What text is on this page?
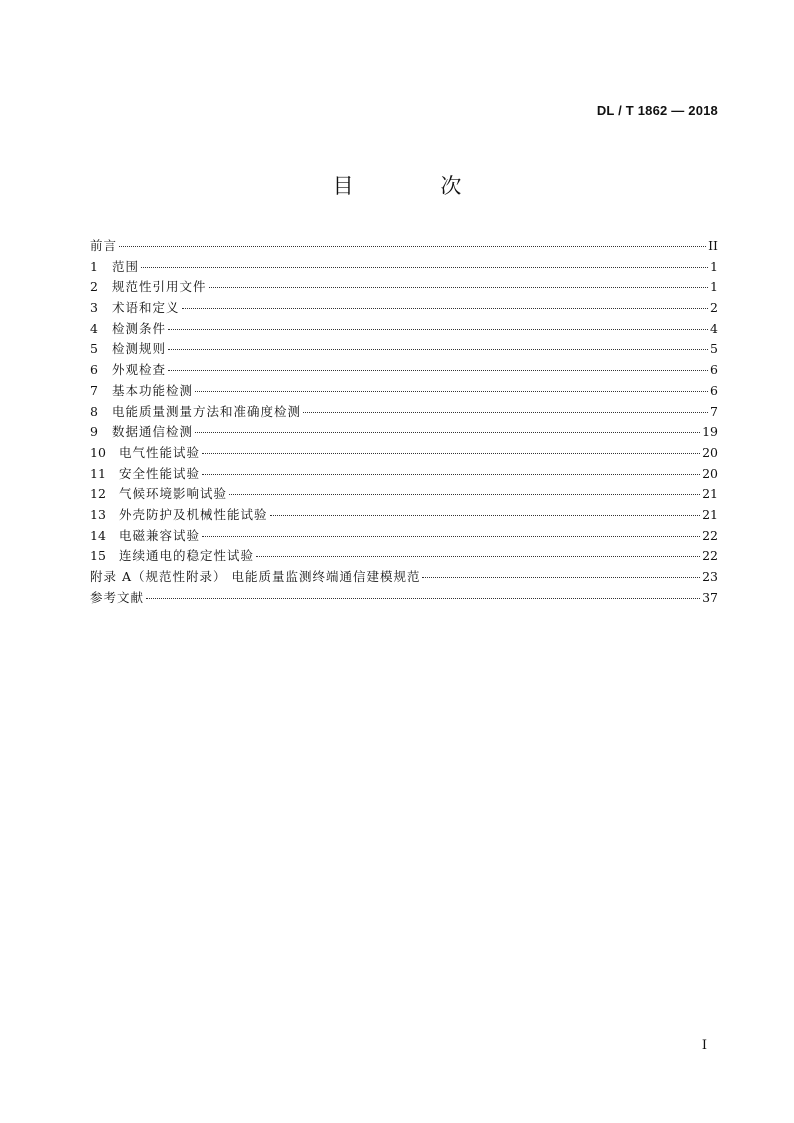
DL / T 1862 — 2018
目 次
前言	II
1	范围	1
2	规范性引用文件	1
3	术语和定义	2
4	检测条件	4
5	检测规则	5
6	外观检查	6
7	基本功能检测	6
8	电能质量测量方法和准确度检测	7
9	数据通信检测	19
10	电气性能试验	20
11	安全性能试验	20
12	气候环境影响试验	21
13	外壳防护及机械性能试验	21
14	电磁兼容试验	22
15	连续通电的稳定性试验	22
附录 A（规范性附录） 电能质量监测终端通信建模规范	23
参考文献	37
I
